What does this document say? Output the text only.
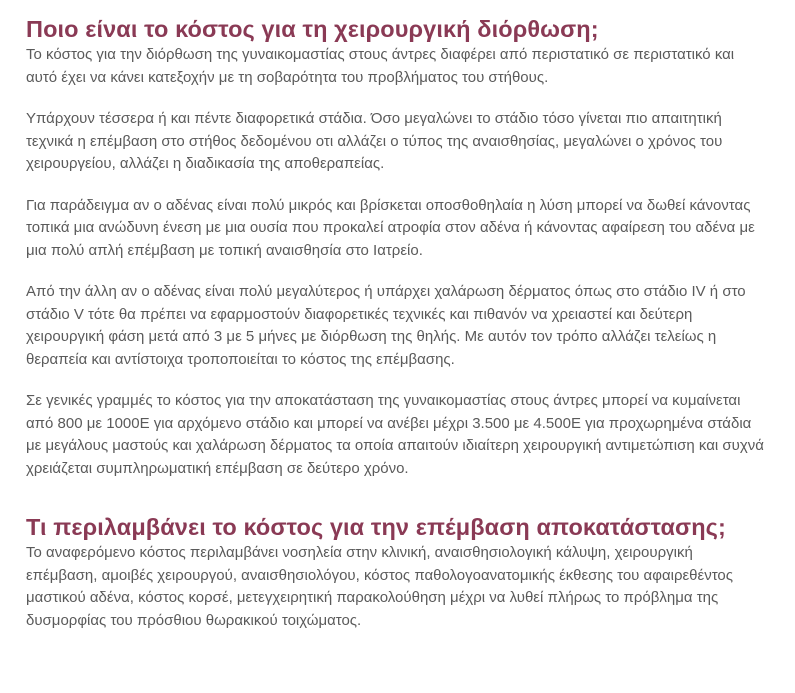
Ποιο είναι το κόστος για τη χειρουργική διόρθωση;

Το κόστος για την διόρθωση της γυναικομαστίας στους άντρες διαφέρει από περιστατικό σε περιστατικό και αυτό έχει να κάνει κατεξοχήν με τη σοβαρότητα του προβλήματος του στήθους.

Υπάρχουν τέσσερα ή και πέντε διαφορετικά στάδια. Όσο μεγαλώνει το στάδιο τόσο γίνεται πιο απαιτητική τεχνικά η επέμβαση στο στήθος δεδομένου οτι αλλάζει ο τύπος της αναισθησίας, μεγαλώνει ο χρόνος του χειρουργείου, αλλάζει η διαδικασία της αποθεραπείας.

Για παράδειγμα αν ο αδένας είναι πολύ μικρός και βρίσκεται οποσθοθηλαία η λύση μπορεί να δωθεί κάνοντας τοπικά μια ανώδυνη ένεση με μια ουσία που προκαλεί ατροφία στον αδένα ή κάνοντας αφαίρεση του αδένα με μια πολύ απλή επέμβαση με τοπική αναισθησία στο Ιατρείο.

Από την άλλη αν ο αδένας είναι πολύ μεγαλύτερος ή υπάρχει χαλάρωση δέρματος όπως στο στάδιο IV ή στο στάδιο V τότε θα πρέπει να εφαρμοστούν διαφορετικές τεχνικές και πιθανόν να χρειαστεί και δεύτερη χειρουργική φάση μετά από 3 με 5 μήνες με διόρθωση της θηλής. Με αυτόν τον τρόπο αλλάζει τελείως η θεραπεία και αντίστοιχα τροποποιείται το κόστος της επέμβασης.

Σε γενικές γραμμές το κόστος για την αποκατάσταση της γυναικομαστίας στους άντρες μπορεί να κυμαίνεται από 800 με 1000Ε για αρχόμενο στάδιο και μπορεί να ανέβει μέχρι 3.500 με 4.500Ε για προχωρημένα στάδια με μεγάλους μαστούς και χαλάρωση δέρματος τα οποία απαιτούν ιδιαίτερη χειρουργική αντιμετώπιση και συχνά χρειάζεται συμπληρωματική επέμβαση σε δεύτερο χρόνο.

Τι περιλαμβάνει το κόστος για την επέμβαση αποκατάστασης;

Το αναφερόμενο κόστος περιλαμβάνει νοσηλεία στην κλινική, αναισθησιολογική κάλυψη, χειρουργική επέμβαση, αμοιβές χειρουργού, αναισθησιολόγου, κόστος παθολογοανατομικής έκθεσης του αφαιρεθέντος μαστικού αδένα, κόστος κορσέ, μετεγχειρητική παρακολούθηση μέχρι να λυθεί πλήρως το πρόβλημα της δυσμορφίας του πρόσθιου θωρακικού τοιχώματος.
